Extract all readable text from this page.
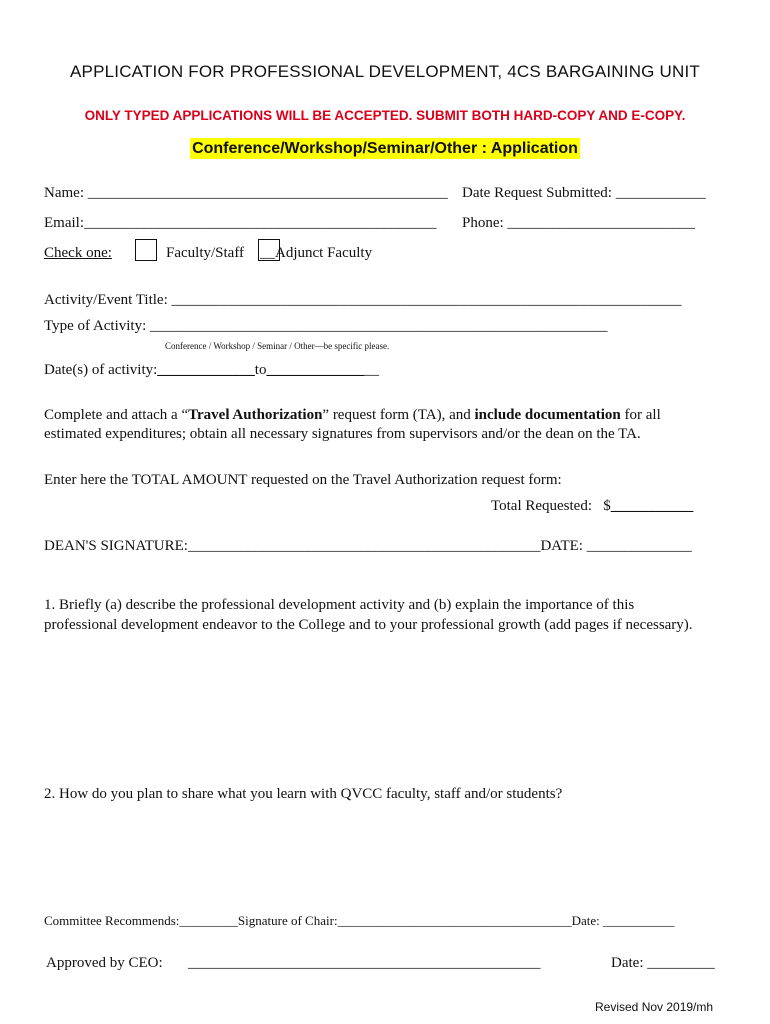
APPLICATION FOR PROFESSIONAL DEVELOPMENT, 4CS BARGAINING UNIT
ONLY TYPED APPLICATIONS WILL BE ACCEPTED. SUBMIT BOTH HARD-COPY AND E-COPY.
Conference/Workshop/Seminar/Other : Application
Name: ________________________________________________ Date Request Submitted: ____________
Email:_______________________________________________ Phone: _________________________
Check one:	Faculty/Staff __Adjunct Faculty
Activity/Event Title: ____________________________________________________________________
Type of Activity: _____________________________________________________________
Conference / Workshop / Seminar / Other—be specific please.
Date(s) of activity:_____________to_______________
Complete and attach a “Travel Authorization” request form (TA), and include documentation for all
estimated expenditures; obtain all necessary signatures from supervisors and/or the dean on the TA.
Enter here the TOTAL AMOUNT requested on the Travel Authorization request form:
Total Requested: $___________
DEAN'S SIGNATURE:_______________________________________________DATE: ______________
1. Briefly (a) describe the professional development activity and (b) explain the importance of this
professional development endeavor to the College and to your professional growth (add pages if necessary).
2. How do you plan to share what you learn with QVCC faculty, staff and/or students?
Committee Recommends:_________Signature of Chair:____________________________________Date: ___________
Approved by CEO: _______________________________________________	Date: _________
Revised Nov 2019/mh
